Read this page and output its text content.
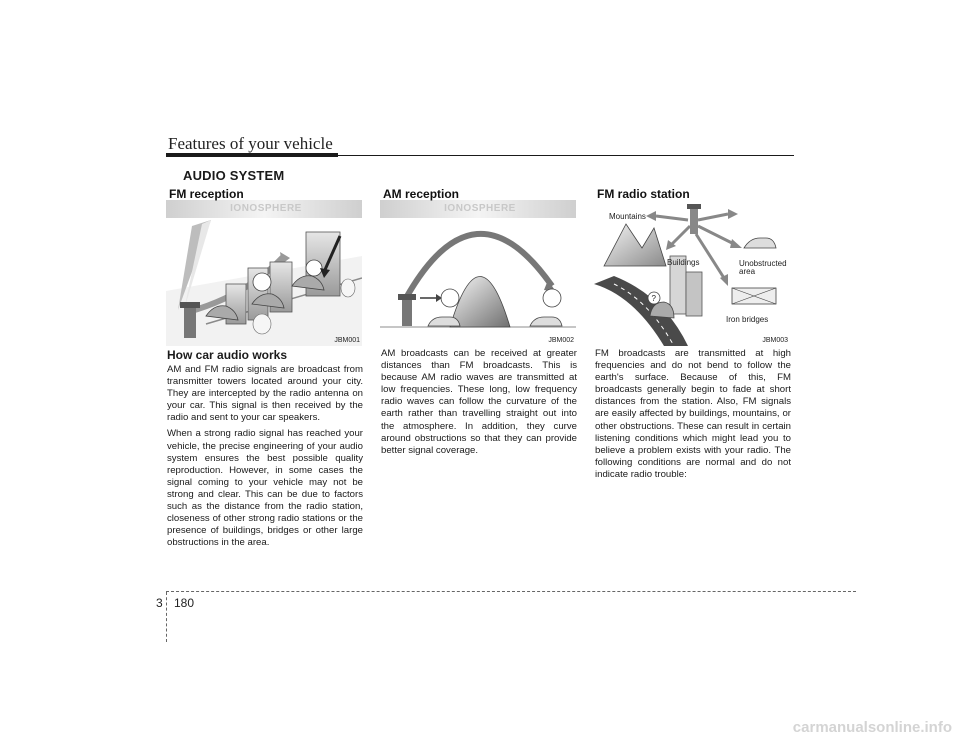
Features of your vehicle
AUDIO SYSTEM
FM reception
IONOSPHERE
JBM001
AM reception
IONOSPHERE
JBM002
?
FM radio station
Mountains
Buildings	Unobstructed
area
Iron bridges
JBM003
How car audio works

AM and FM radio signals are broadcast from transmitter towers located around your city. They are intercepted by the radio antenna on your car. This signal is then received by the radio and sent to your car speakers.

When a strong radio signal has reached your vehicle, the precise engineering of your audio system ensures the best possible quality reproduction. However, in some cases the signal coming to your vehicle may not be strong and clear. This can be due to factors such as the distance from the radio station, closeness of other strong radio stations or the presence of buildings, bridges or other large obstructions in the area.

AM broadcasts can be received at greater distances than FM broadcasts. This is because AM radio waves are transmitted at low frequencies. These long, low frequency radio waves can follow the curvature of the earth rather than travelling straight out into the atmosphere. In addition, they curve around obstructions so that they can provide better signal coverage.

FM broadcasts are transmitted at high frequencies and do not bend to follow the earth's surface. Because of this, FM broadcasts generally begin to fade at short distances from the station. Also, FM signals are easily affected by buildings, mountains, or other obstructions. These can result in certain listening conditions which might lead you to believe a problem exists with your radio. The following conditions are normal and do not indicate radio trouble:

3 180
carmanualsonline.info
